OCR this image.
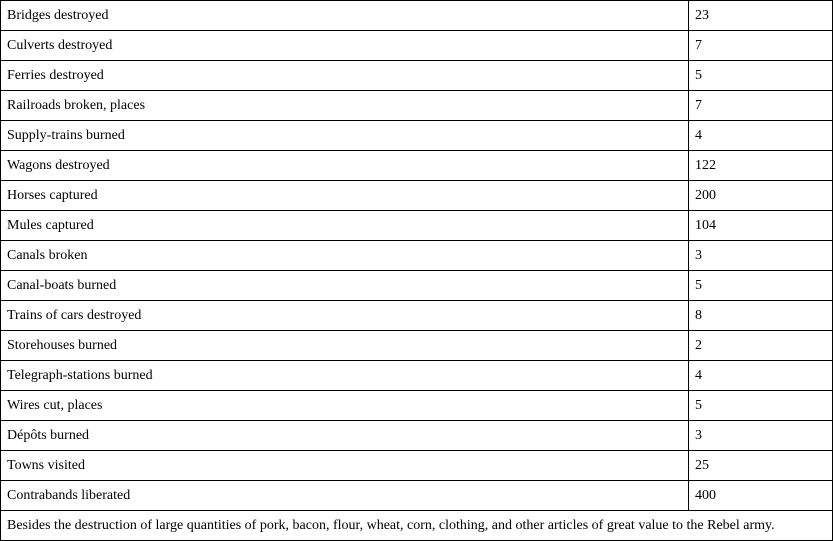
Bridges destroyed	23
Culverts destroyed	7
Ferries destroyed	5
Railroads broken, places	7
Supply-trains burned	4
Wagons destroyed	122
Horses captured	200
Mules captured	104
Canals broken	3
Canal-boats burned	5
Trains of cars destroyed	8
Storehouses burned	2
Telegraph-stations burned	4
Wires cut, places	5
Dépôts burned	3
Towns visited	25
Contrabands liberated	400
Besides the destruction of large quantities of pork, bacon, flour, wheat, corn, clothing, and other articles of great value to the Rebel army.	
